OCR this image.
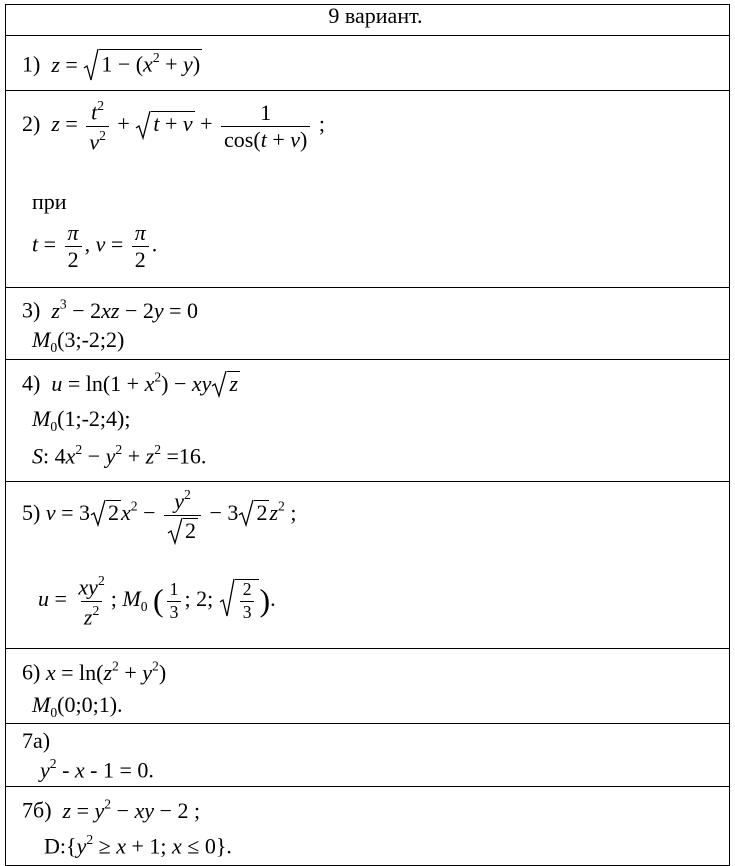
9 вариант.

1) z =
$1 - (x^2 + y)$

2) $z = \frac{t^2}{v^2}$ +
$t + v + \frac{1}{\cos(t + v)}$ ;
при
$t = \frac{\pi}{2}$ , $v = \frac{\pi}{2}$ .

3) $z^3 - 2xz - 2y = 0$
$M_0(3;-2;2)$

4) $u = \ln(1 + x^2)$ − xy z
$M_0(1;-2;4)$;
S: $4x^2 - y^2 + z^2 =16$.

5) v = 3 $2x^2 - \frac{y^2}{2} - 3$ $2z^2$ ;
$u = \frac{xy^2}{z^2}$ ; $M_0$ ( $\frac{1}{3}$ ; 2; $\frac{2}{3}$ ).

6) $x = \ln(z^2 + y^2)$
$M_0(0;0;1)$.

7а)
$y^2 - x - 1 = 0$.

7б) $z = y^2$ − xy − 2 ;
$D:\{y^2 \ge x + 1$; x ≤ 0}.
